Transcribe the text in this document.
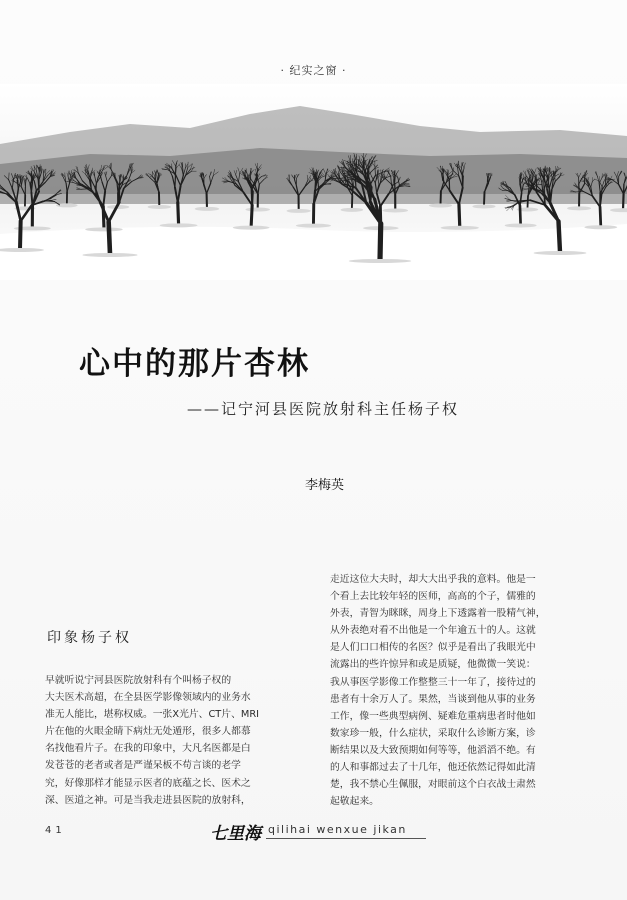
· 纪实之窗 ·
心中的那片杏林
——记宁河县医院放射科主任杨子权
李梅英
印象杨子权
早就听说宁河县医院放射科有个叫杨子权的
大夫医术高超，在全县医学影像领域内的业务水
准无人能比，堪称权威。一张X光片、CT片、MRI
片在他的火眼金睛下病灶无处遁形，很多人都慕
名找他看片子。在我的印象中，大凡名医都是白
发苍苍的老者或者是严谨呆板不苟言谈的老学
究，好像那样才能显示医者的底蕴之长、医术之
深、医道之神。可是当我走进县医院的放射科，
走近这位大夫时，却大大出乎我的意料。他是一
个看上去比较年轻的医师，高高的个子，儒雅的
外表，青智为眯眯，周身上下透露着一股精气神，
从外表绝对看不出他是一个年逾五十的人。这就
是人们口口相传的名医？似乎是看出了我眼光中
流露出的些许惊异和或是质疑，他微微一笑说：
我从事医学影像工作整整三十一年了，接待过的
患者有十余万人了。果然，当谈到他从事的业务
工作，像一些典型病例、疑难危重病患者时他如
数家珍一般，什么症状，采取什么诊断方案，诊
断结果以及大致预期如何等等，他滔滔不绝。有
的人和事都过去了十几年，他还依然记得如此清
楚，我不禁心生佩服，对眼前这个白衣战士肃然
起敬起来。
41	七里海 qilihai wenxue jikan
